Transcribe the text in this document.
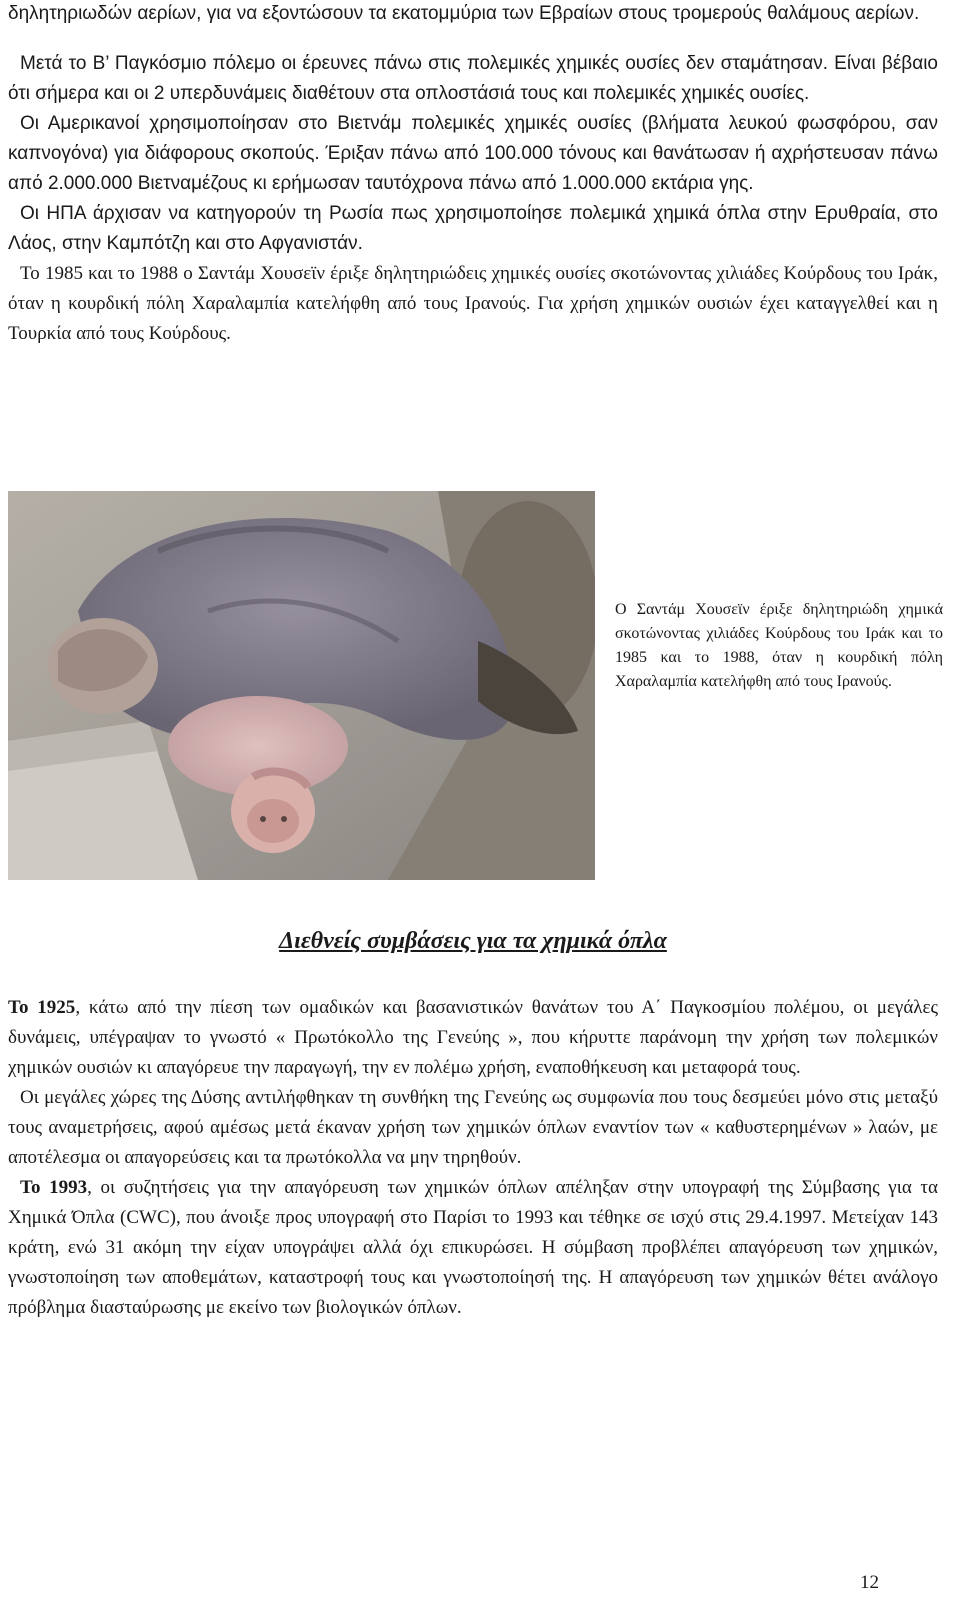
δηλητηριωδών αερίων, για να εξοντώσουν τα εκατομμύρια των Εβραίων στους τρομερούς θαλάμους αερίων.

Μετά το Β’ Παγκόσμιο πόλεμο οι έρευνες πάνω στις πολεμικές χημικές ουσίες δεν σταμάτησαν. Είναι βέβαιο ότι σήμερα και οι 2 υπερδυνάμεις διαθέτουν στα οπλοστάσιά τους και πολεμικές χημικές ουσίες.

Οι Αμερικανοί χρησιμοποίησαν στο Βιετνάμ πολεμικές χημικές ουσίες (βλήματα λευκού φωσφόρου, σαν καπνογόνα) για διάφορους σκοπούς. Έριξαν πάνω από 100.000 τόνους και θανάτωσαν ή αχρήστευσαν πάνω από 2.000.000 Βιετναμέζους κι ερήμωσαν ταυτόχρονα πάνω από 1.000.000 εκτάρια γης.

Οι ΗΠΑ άρχισαν να κατηγορούν τη Ρωσία πως χρησιμοποίησε πολεμικά χημικά όπλα στην Ερυθραία, στο Λάος, στην Καμπότζη και στο Αφγανιστάν.

Το 1985 και το 1988 ο Σαντάμ Χουσεϊν έριξε δηλητηριώδεις χημικές ουσίες σκοτώνοντας χιλιάδες Κούρδους του Ιράκ, όταν η κουρδική πόλη Χαραλαμπία κατελήφθη από τους Ιρανούς. Για χρήση χημικών ουσιών έχει καταγγελθεί και η Τουρκία από τους Κούρδους.

Ο Σαντάμ Χουσεϊν έριξε δηλητηριώδη χημικά σκοτώνοντας χιλιάδες Κούρδους του Ιράκ και το 1985 και το 1988, όταν η κουρδική πόλη Χαραλαμπία κατελήφθη από τους Ιρανούς.

Διεθνείς συμβάσεις για τα χημικά όπλα

Το 1925, κάτω από την πίεση των ομαδικών και βασανιστικών θανάτων του Α΄ Παγκοσμίου πολέμου, οι μεγάλες δυνάμεις, υπέγραψαν το γνωστό « Πρωτόκολλο της Γενεύης », που κήρυττε παράνομη την χρήση των πολεμικών χημικών ουσιών κι απαγόρευε την παραγωγή, την εν πολέμω χρήση, εναποθήκευση και μεταφορά τους.

Οι μεγάλες χώρες της Δύσης αντιλήφθηκαν τη συνθήκη της Γενεύης ως συμφωνία που τους δεσμεύει μόνο στις μεταξύ τους αναμετρήσεις, αφού αμέσως μετά έκαναν χρήση των χημικών όπλων εναντίον των « καθυστερημένων » λαών, με αποτέλεσμα οι απαγορεύσεις και τα πρωτόκολλα να μην τηρηθούν.

Το 1993, οι συζητήσεις για την απαγόρευση των χημικών όπλων απέληξαν στην υπογραφή της Σύμβασης για τα Χημικά Όπλα (CWC), που άνοιξε προς υπογραφή στο Παρίσι το 1993 και τέθηκε σε ισχύ στις 29.4.1997. Μετείχαν 143 κράτη, ενώ 31 ακόμη την είχαν υπογράψει αλλά όχι επικυρώσει. Η σύμβαση προβλέπει απαγόρευση των χημικών, γνωστοποίηση των αποθεμάτων, καταστροφή τους και γνωστοποίησή της. Η απαγόρευση των χημικών θέτει ανάλογο πρόβλημα διασταύρωσης με εκείνο των βιολογικών όπλων.

12
